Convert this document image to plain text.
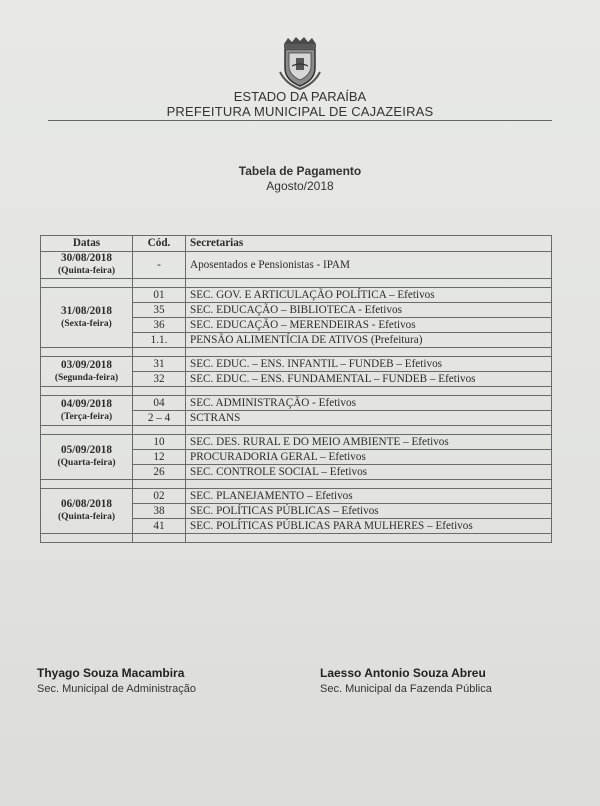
ESTADO DA PARAÍBA
PREFEITURA MUNICIPAL DE CAJAZEIRAS
Tabela de Pagamento
Agosto/2018
Datas	Cód.	Secretarias
30/08/2018
(Quinta-feira)	-	Aposentados e Pensionistas - IPAM

31/08/2018
(Sexta-feira)	01	SEC. GOV. E ARTICULAÇÃO POLÍTICA – Efetivos
	35	SEC. EDUCAÇÃO – BIBLIOTECA - Efetivos
	36	SEC. EDUCAÇÃO – MERENDEIRAS - Efetivos
	1.1.	PENSÃO ALIMENTÍCIA DE ATIVOS (Prefeitura)

03/09/2018
(Segunda-feira)	31	SEC. EDUC. – ENS. INFANTIL – FUNDEB – Efetivos
	32	SEC. EDUC. – ENS. FUNDAMENTAL – FUNDEB – Efetivos

04/09/2018
(Terça-feira)	04	SEC. ADMINISTRAÇÃO - Efetivos
	2 – 4	SCTRANS

05/09/2018
(Quarta-feira)	10	SEC. DES. RURAL E DO MEIO AMBIENTE – Efetivos
	12	PROCURADORIA GERAL – Efetivos
	26	SEC. CONTROLE SOCIAL – Efetivos

06/08/2018
(Quinta-feira)	02	SEC. PLANEJAMENTO – Efetivos
	38	SEC. POLÍTICAS PÚBLICAS – Efetivos
	41	SEC. POLÍTICAS PÚBLICAS PARA MULHERES – Efetivos

Thyago Souza Macambira
Sec. Municipal de Administração
Laesso Antonio Souza Abreu
Sec. Municipal da Fazenda Pública
